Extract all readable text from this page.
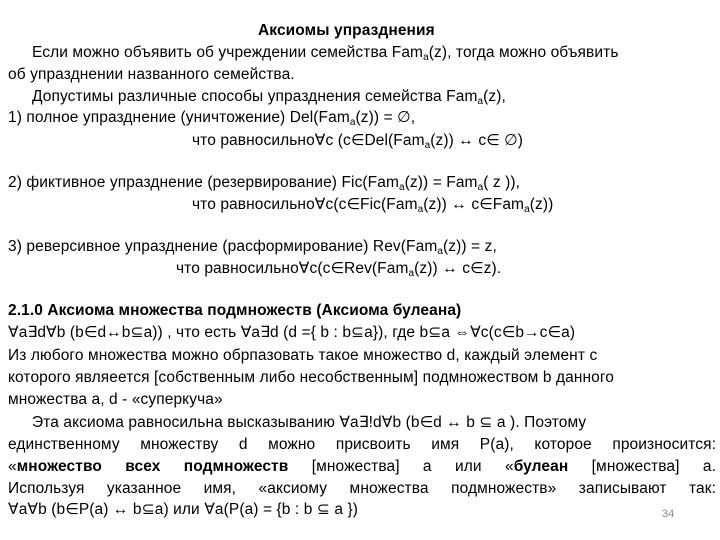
Аксиомы упразднения
Если можно объявить об учреждении семейства Fam$_a$(z), тогда можно объявить
об упразднении названного семейства.
Допустимы различные способы упразднения семейства Fam$_a$(z),
1) полное упразднение (уничтожение) Del(Fam$_a$(z)) = ∅,
что равносильно∀c (c∈Del(Fam$_a$(z)) ↔ c∈ ∅)
2) фиктивное упразднение (резервирование) Fic(Fam$_a$(z)) = Fam$_a$( z )),
что равносильно∀c(c∈Fic(Fam$_a$(z)) ↔ c∈Fam$_a$(z))
3) реверсивное упразднение (расформирование) Rev(Fam$_a$(z)) = z,
что равносильно∀c(c∈Rev(Fam$_a$(z)) ↔ c∈z).
2.1.0 Аксиома множества подмножеств (Аксиома булеана)
∀a∃d∀b (b∈d↔b⊆a)) , что есть ∀a∃d (d ={ b : b⊆a}), где b⊆a ⇔∀c(c∈b→c∈a)
Из любого множества можно обрпазовать такое множество d, каждый элемент с
которого являеется [собственным либо несобственным] подмножеством b данного
множества a, d - «суперкуча»
Эта аксиома равносильна высказыванию ∀a∃!d∀b (b∈d ↔ b ⊆ a ). Поэтому
единственному множеству d можно присвоить имя P(a), которое произносится:
«множество всех подмножеств [множества] a или «булеан [множества] a.
Используя указанное имя, «аксиому множества подмножеств» записывают так:
∀a∀b (b∈P(a) ↔ b⊆a) или ∀a(P(a) = {b : b ⊆ a })	34
